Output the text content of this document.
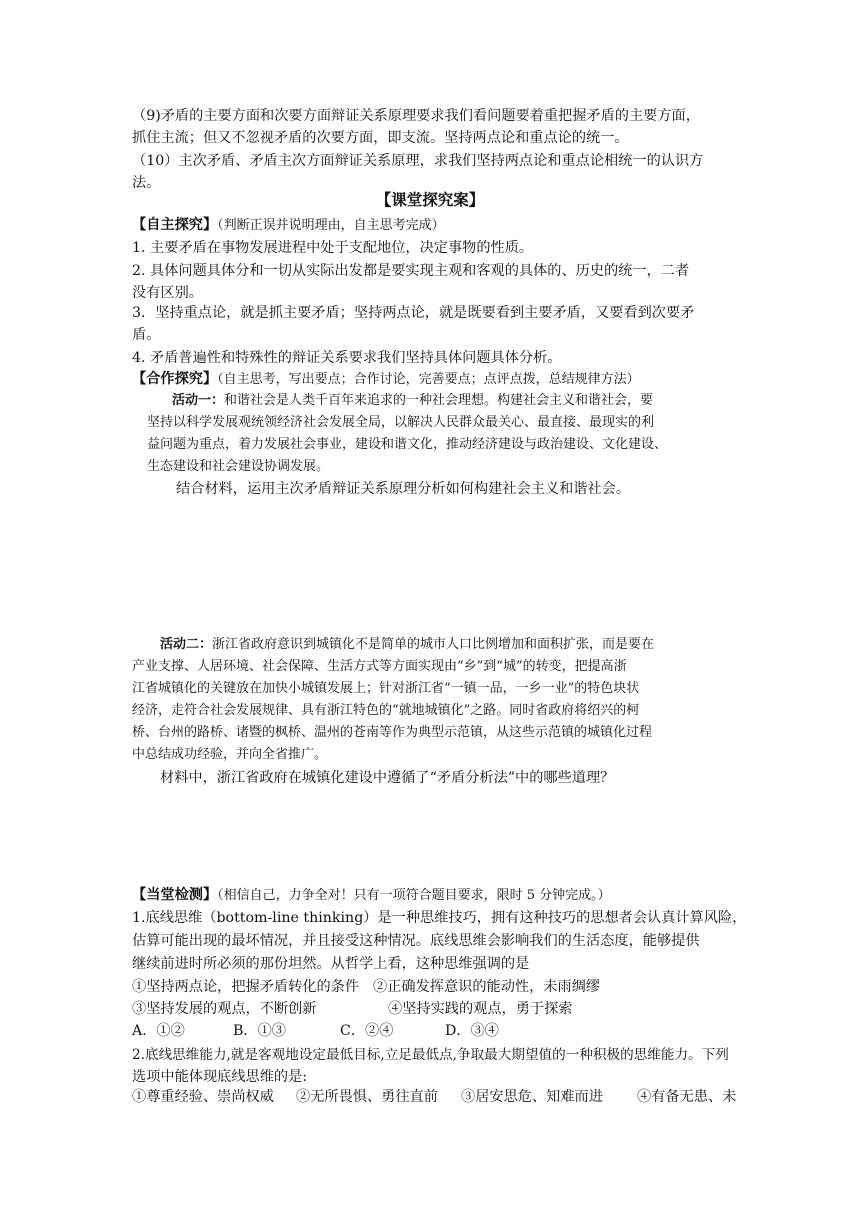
（9)矛盾的主要方面和次要方面辩证关系原理要求我们看问题要着重把握矛盾的主要方面，
抓住主流；但又不忽视矛盾的次要方面，即支流。坚持两点论和重点论的统一。
（10）主次矛盾、矛盾主次方面辩证关系原理，求我们坚持两点论和重点论相统一的认识方
法。
【课堂探究案】
【自主探究】（判断正误并说明理由，自主思考完成）
1. 主要矛盾在事物发展进程中处于支配地位，决定事物的性质。
2. 具体问题具体分和一切从实际出发都是要实现主观和客观的具体的、历史的统一，二者
没有区别。
3．坚持重点论，就是抓主要矛盾；坚持两点论，就是既要看到主要矛盾，又要看到次要矛
盾。
4. 矛盾普遍性和特殊性的辩证关系要求我们坚持具体问题具体分析。
【合作探究】（自主思考，写出要点；合作讨论，完善要点；点评点拨，总结规律方法）
活动一：和谐社会是人类千百年来追求的一种社会理想。构建社会主义和谐社会，要
坚持以科学发展观统领经济社会发展全局，以解决人民群众最关心、最直接、最现实的利
益问题为重点，着力发展社会事业，建设和谐文化，推动经济建设与政治建设、文化建设、
生态建设和社会建设协调发展。
结合材料，运用主次矛盾辩证关系原理分析如何构建社会主义和谐社会。
活动二：浙江省政府意识到城镇化不是简单的城市人口比例增加和面积扩张，而是要在
产业支撑、人居环境、社会保障、生活方式等方面实现由“乡”到“城”的转变，把提高浙
江省城镇化的关键放在加快小城镇发展上；针对浙江省“一镇一品，一乡一业”的特色块状
经济，走符合社会发展规律、具有浙江特色的“就地城镇化”之路。同时省政府将绍兴的柯
桥、台州的路桥、诸暨的枫桥、温州的苍南等作为典型示范镇，从这些示范镇的城镇化过程
中总结成功经验，并向全省推广。
材料中，浙江省政府在城镇化建设中遵循了“矛盾分析法”中的哪些道理？
【当堂检测】（相信自己，力争全对！只有一项符合题目要求，限时 5 分钟完成。）
1.底线思维（bottom-line thinking）是一种思维技巧，拥有这种技巧的思想者会认真计算风险，
估算可能出现的最坏情况，并且接受这种情况。底线思维会影响我们的生活态度，能够提供
继续前进时所必须的那份坦然。从哲学上看，这种思维强调的是
①坚持两点论，把握矛盾转化的条件 ②正确发挥意识的能动性，未雨绸缪
③坚持发展的观点，不断创新	④坚持实践的观点，勇于探索
A．①②	B．①③	C．②④	D．③④
2.底线思维能力,就是客观地设定最低目标,立足最低点,争取最大期望值的一种积极的思维能力。下列
选项中能体现底线思维的是:
①尊重经验、崇尚权威 ②无所畏惧、勇往直前 ③居安思危、知难而进 ④有备无患、未
